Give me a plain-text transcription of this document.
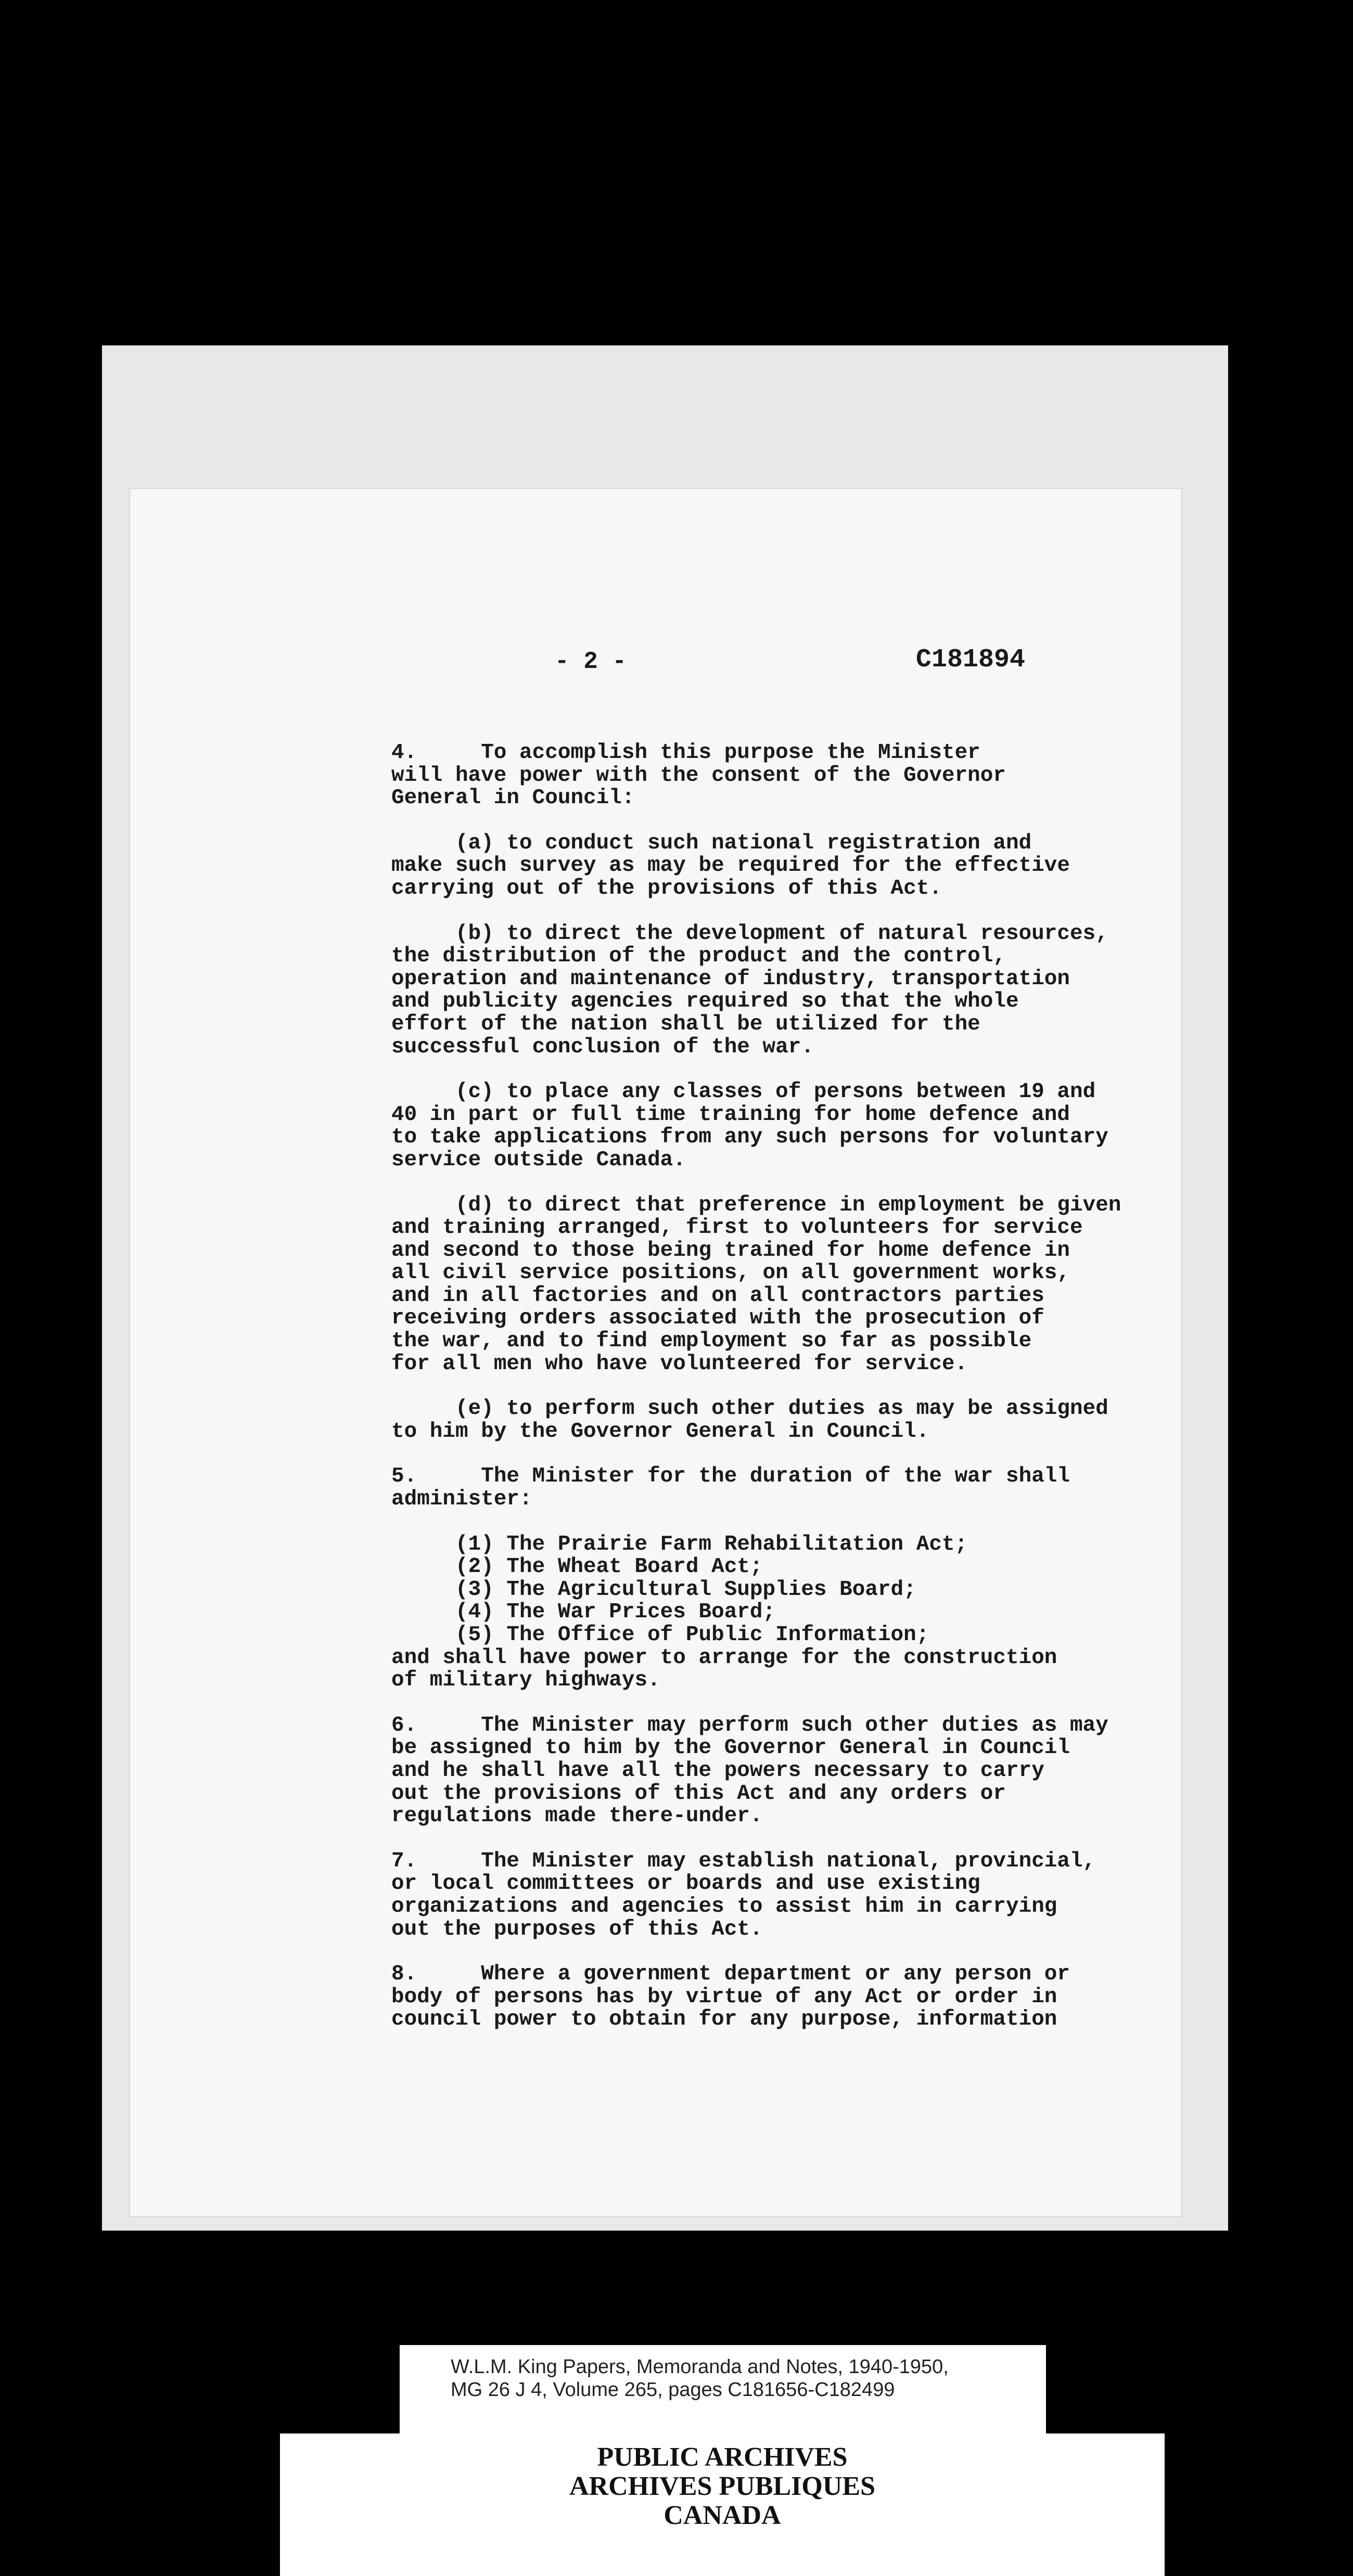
- 2 -	C181894
4.     To accomplish this purpose the Minister
will have power with the consent of the Governor
General in Council:
(a) to conduct such national registration and
make such survey as may be required for the effective
carrying out of the provisions of this Act.
(b) to direct the development of natural resources,
the distribution of the product and the control,
operation and maintenance of industry, transportation
and publicity agencies required so that the whole
effort of the nation shall be utilized for the
successful conclusion of the war.
(c) to place any classes of persons between 19 and
40 in part or full time training for home defence and
to take applications from any such persons for voluntary
service outside Canada.
(d) to direct that preference in employment be given
and training arranged, first to volunteers for service
and second to those being trained for home defence in
all civil service positions, on all government works,
and in all factories and on all contractors parties
receiving orders associated with the prosecution of
the war, and to find employment so far as possible
for all men who have volunteered for service.
(e) to perform such other duties as may be assigned
to him by the Governor General in Council.
5.     The Minister for the duration of the war shall
administer:
(1) The Prairie Farm Rehabilitation Act;
(2) The Wheat Board Act;
(3) The Agricultural Supplies Board;
(4) The War Prices Board;
(5) The Office of Public Information;
and shall have power to arrange for the construction
of military highways.
6.     The Minister may perform such other duties as may
be assigned to him by the Governor General in Council
and he shall have all the powers necessary to carry
out the provisions of this Act and any orders or
regulations made there-under.
7.     The Minister may establish national, provincial,
or local committees or boards and use existing
organizations and agencies to assist him in carrying
out the purposes of this Act.
8.     Where a government department or any person or
body of persons has by virtue of any Act or order in
council power to obtain for any purpose, information
W.L.M. King Papers, Memoranda and Notes, 1940-1950,
MG 26 J 4, Volume 265, pages C181656-C182499
PUBLIC ARCHIVES
ARCHIVES PUBLIQUES
CANADA
